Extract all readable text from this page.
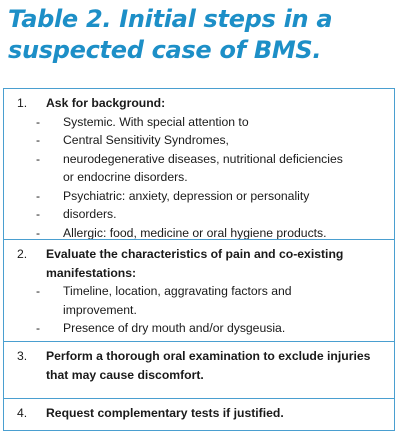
Table 2. Initial steps in a
suspected case of BMS.
1. Ask for background:
- Systemic. With special attention to
- Central Sensitivity Syndromes,
- neurodegenerative diseases, nutritional deficiencies
or endocrine disorders.
- Psychiatric: anxiety, depression or personality
- disorders.
- Allergic: food, medicine or oral hygiene products.
2. Evaluate the characteristics of pain and co-existing manifestations:
- Timeline, location, aggravating factors and
improvement.
- Presence of dry mouth and/or dysgeusia.
3. Perform a thorough oral examination to exclude injuries that may cause discomfort.
4. Request complementary tests if justified.
